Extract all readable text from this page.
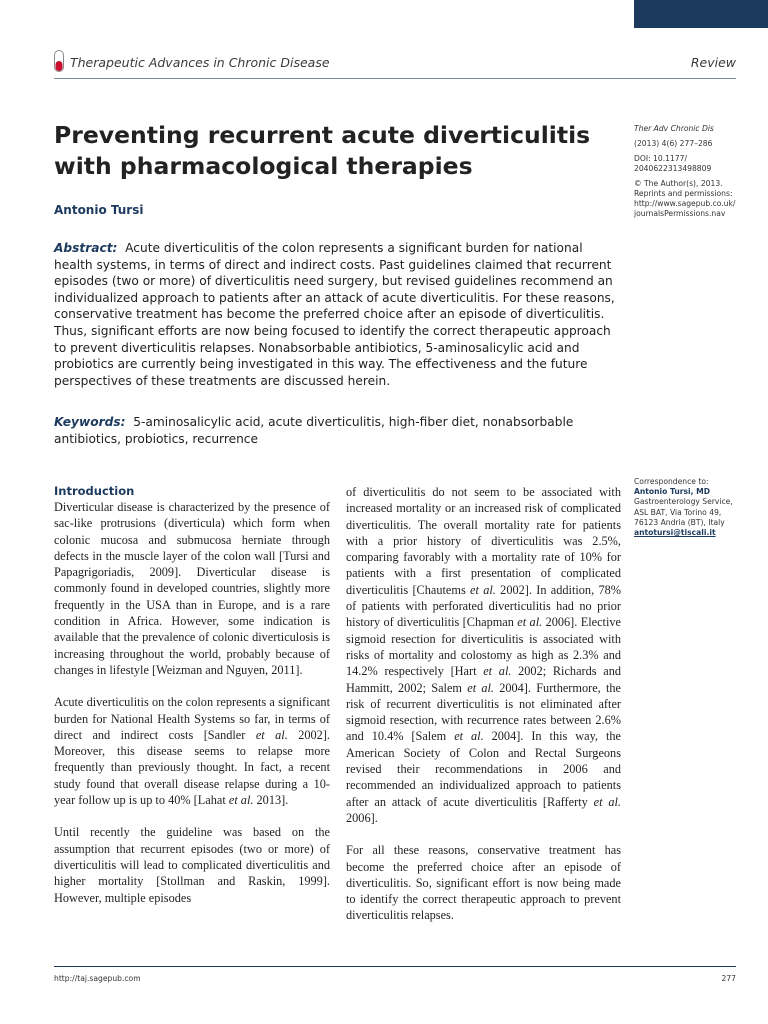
Therapeutic Advances in Chronic Disease	Review
Preventing recurrent acute diverticulitis with pharmacological therapies
Antonio Tursi

Abstract: Acute diverticulitis of the colon represents a significant burden for national health systems, in terms of direct and indirect costs. Past guidelines claimed that recurrent episodes (two or more) of diverticulitis need surgery, but revised guidelines recommend an individualized approach to patients after an attack of acute diverticulitis. For these reasons, conservative treatment has become the preferred choice after an episode of diverticulitis. Thus, significant efforts are now being focused to identify the correct therapeutic approach to prevent diverticulitis relapses. Nonabsorbable antibiotics, 5-aminosalicylic acid and probiotics are currently being investigated in this way. The effectiveness and the future perspectives of these treatments are discussed herein.

Keywords: 5-aminosalicylic acid, acute diverticulitis, high-fiber diet, nonabsorbable antibiotics, probiotics, recurrence

Ther Adv Chronic Dis
(2013) 4(6) 277–286
DOI: 10.1177/
2040622313498809
© The Author(s), 2013.
Reprints and permissions:
http://www.sagepub.co.uk/
journalsPermissions.nav
Correspondence to:
Antonio Tursi, MD
Gastroenterology Service,
ASL BAT, Via Torino 49,
76123 Andria (BT), Italy
antotursi@tiscali.it
Introduction

Diverticular disease is characterized by the presence of sac-like protrusions (diverticula) which form when colonic mucosa and submucosa herniate through defects in the muscle layer of the colon wall [Tursi and Papagrigoriadis, 2009]. Diverticular disease is commonly found in developed countries, slightly more frequently in the USA than in Europe, and is a rare condition in Africa. However, some indication is available that the prevalence of colonic diverticulosis is increasing throughout the world, probably because of changes in lifestyle [Weizman and Nguyen, 2011].

Acute diverticulitis on the colon represents a significant burden for National Health Systems so far, in terms of direct and indirect costs [Sandler et al. 2002]. Moreover, this disease seems to relapse more frequently than previously thought. In fact, a recent study found that overall disease relapse during a 10-year follow up is up to 40% [Lahat et al. 2013].

Until recently the guideline was based on the assumption that recurrent episodes (two or more) of diverticulitis will lead to complicated diverticulitis and higher mortality [Stollman and Raskin, 1999]. However, multiple episodes

of diverticulitis do not seem to be associated with increased mortality or an increased risk of complicated diverticulitis. The overall mortality rate for patients with a prior history of diverticulitis was 2.5%, comparing favorably with a mortality rate of 10% for patients with a first presentation of complicated diverticulitis [Chautems et al. 2002]. In addition, 78% of patients with perforated diverticulitis had no prior history of diverticulitis [Chapman et al. 2006]. Elective sigmoid resection for diverticulitis is associated with risks of mortality and colostomy as high as 2.3% and 14.2% respectively [Hart et al. 2002; Richards and Hammitt, 2002; Salem et al. 2004]. Furthermore, the risk of recurrent diverticulitis is not eliminated after sigmoid resection, with recurrence rates between 2.6% and 10.4% [Salem et al. 2004]. In this way, the American Society of Colon and Rectal Surgeons revised their recommendations in 2006 and recommended an individualized approach to patients after an attack of acute diverticulitis [Rafferty et al. 2006].

For all these reasons, conservative treatment has become the preferred choice after an episode of diverticulitis. So, significant effort is now being made to identify the correct therapeutic approach to prevent diverticulitis relapses.

http://taj.sagepub.com	277
